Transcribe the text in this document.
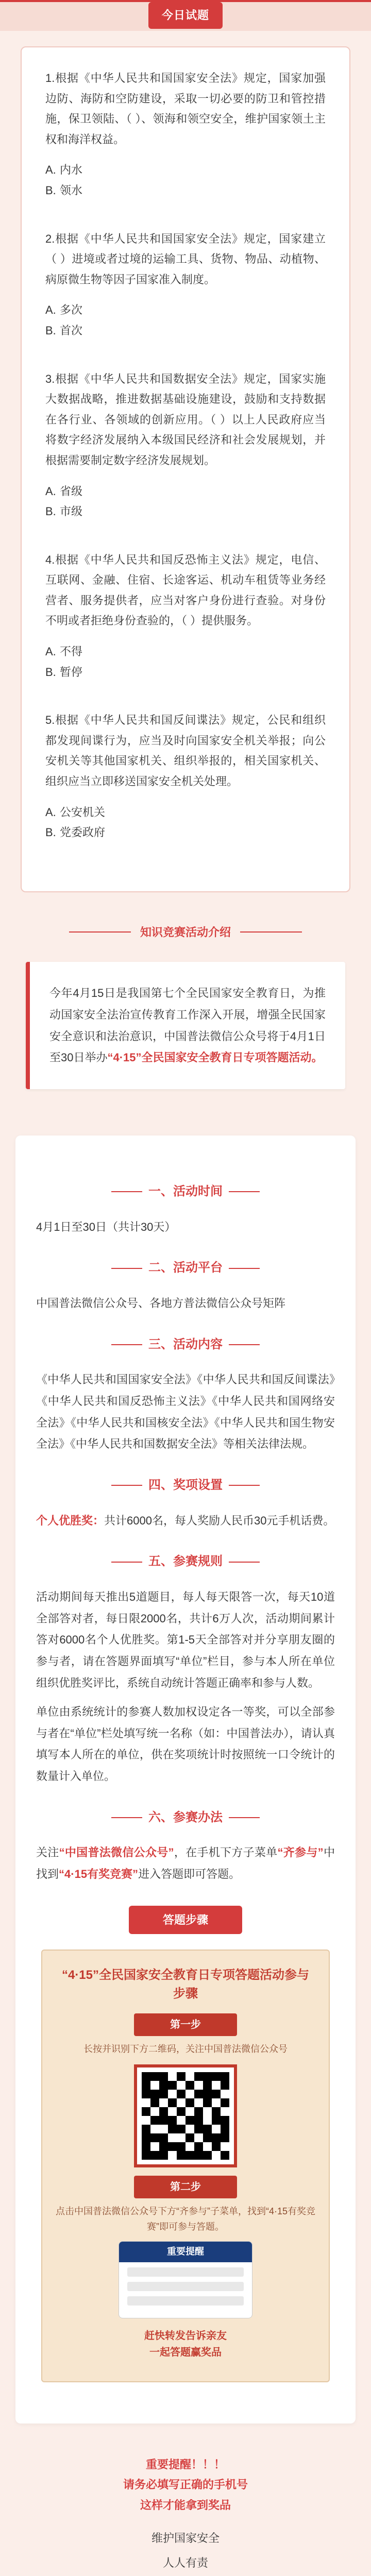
今日试题

1.根据《中华人民共和国国家安全法》规定，国家加强边防、海防和空防建设，采取一切必要的防卫和管控措施，保卫领陆、（ ）、领海和领空安全，维护国家领土主权和海洋权益。

A. 内水

B. 领水

2.根据《中华人民共和国国家安全法》规定，国家建立（ ）进境或者过境的运输工具、货物、物品、动植物、病原微生物等因子国家准入制度。

A. 多次

B. 首次

3.根据《中华人民共和国数据安全法》规定，国家实施大数据战略，推进数据基础设施建设，鼓励和支持数据在各行业、各领域的创新应用。（ ）以上人民政府应当将数字经济发展纳入本级国民经济和社会发展规划，并根据需要制定数字经济发展规划。

A. 省级

B. 市级

4.根据《中华人民共和国反恐怖主义法》规定，电信、互联网、金融、住宿、长途客运、机动车租赁等业务经营者、服务提供者，应当对客户身份进行查验。对身份不明或者拒绝身份查验的，（ ）提供服务。

A. 不得

B. 暂停

5.根据《中华人民共和国反间谍法》规定，公民和组织都发现间谍行为，应当及时向国家安全机关举报；向公安机关等其他国家机关、组织举报的，相关国家机关、组织应当立即移送国家安全机关处理。

A. 公安机关

B. 党委政府

知识竞赛活动介绍

今年4月15日是我国第七个全民国家安全教育日，为推动国家安全法治宣传教育工作深入开展，增强全民国家安全意识和法治意识，中国普法微信公众号将于4月1日至30日举办“4·15”全民国家安全教育日专项答题活动。

一、活动时间

4月1日至30日（共计30天）

二、活动平台

中国普法微信公众号、各地方普法微信公众号矩阵

三、活动内容

《中华人民共和国国家安全法》《中华人民共和国反间谍法》《中华人民共和国反恐怖主义法》《中华人民共和国网络安全法》《中华人民共和国核安全法》《中华人民共和国生物安全法》《中华人民共和国数据安全法》等相关法律法规。

四、奖项设置

个人优胜奖：共计6000名，每人奖励人民币30元手机话费。

五、参赛规则

活动期间每天推出5道题目，每人每天限答一次，每天10道全部答对者，每日限2000名，共计6万人次，活动期间累计答对6000名个人优胜奖。第1-5天全部答对并分享朋友圈的参与者，请在答题界面填写“单位”栏目，参与本人所在单位组织优胜奖评比，系统自动统计答题正确率和参与人数。

单位由系统统计的参赛人数加权设定各一等奖，可以全部参与者在“单位”栏处填写统一名称（如：中国普法办），请认真填写本人所在的单位，供在奖项统计时按照统一口令统计的数量计入单位。

六、参赛办法

关注“中国普法微信公众号”，在手机下方子菜单“齐参与”中找到“4·15有奖竞赛”进入答题即可答题。

答题步骤

“4·15”全民国家安全教育日专项答题活动参与步骤

第一步

长按并识别下方二维码，关注中国普法微信公众号

第二步

点击中国普法微信公众号下方“齐参与”子菜单，找到“4·15有奖竞赛”即可参与答题。

重要提醒

赶快转发告诉亲友
一起答题赢奖品

重要提醒！！！

请务必填写正确的手机号

这样才能拿到奖品

维护国家安全

人人有责
